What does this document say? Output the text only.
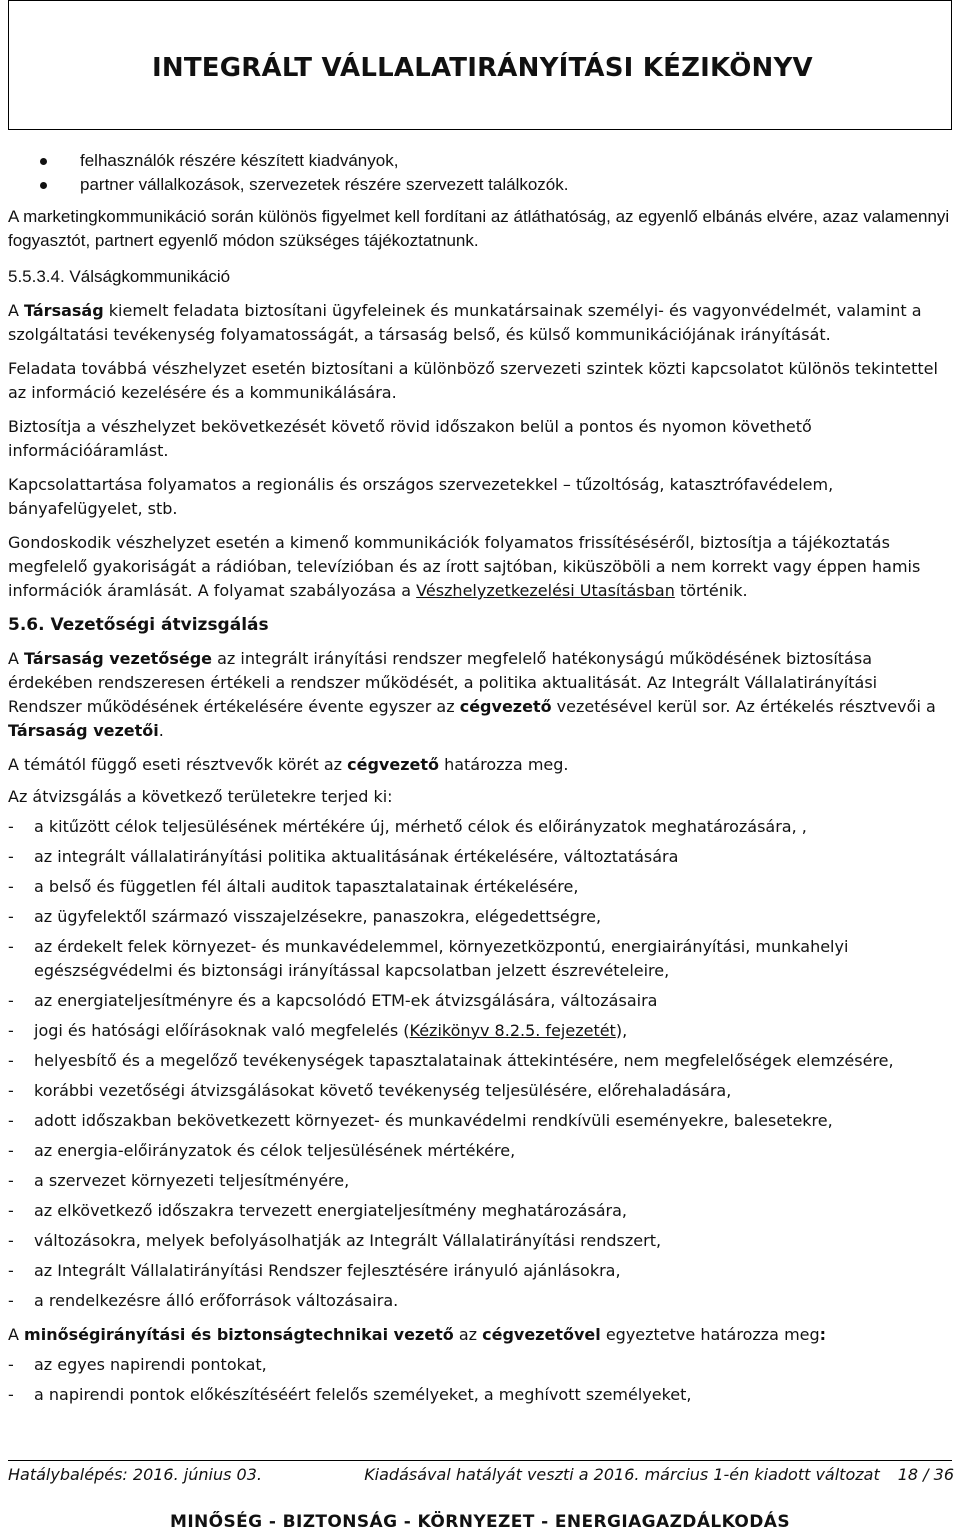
INTEGRÁLT VÁLLALATIRÁNYÍTÁSI KÉZIKÖNYV
felhasználók részére készített kiadványok,
partner vállalkozások, szervezetek részére szervezett találkozók.

A marketingkommunikáció során különös figyelmet kell fordítani az átláthatóság, az egyenlő elbánás elvére, azaz valamennyi fogyasztót, partnert egyenlő módon szükséges tájékoztatnunk.

5.5.3.4. Válságkommunikáció

A Társaság kiemelt feladata biztosítani ügyfeleinek és munkatársainak személyi- és vagyonvédelmét, valamint a szolgáltatási tevékenység folyamatosságát, a társaság belső, és külső kommunikációjának irányítását.

Feladata továbbá vészhelyzet esetén biztosítani a különböző szervezeti szintek közti kapcsolatot különös tekintettel az információ kezelésére és a kommunikálására.

Biztosítja a vészhelyzet bekövetkezését követő rövid időszakon belül a pontos és nyomon követhető információáramlást.

Kapcsolattartása folyamatos a regionális és országos szervezetekkel – tűzoltóság, katasztrófavédelem, bányafelügyelet, stb.

Gondoskodik vészhelyzet esetén a kimenő kommunikációk folyamatos frissítéséséről, biztosítja a tájékoztatás megfelelő gyakoriságát a rádióban, televízióban és az írott sajtóban, kiküszöböli a nem korrekt vagy éppen hamis információk áramlását. A folyamat szabályozása a Vészhelyzetkezelési Utasításban történik.

5.6. Vezetőségi átvizsgálás

A Társaság vezetősége az integrált irányítási rendszer megfelelő hatékonyságú működésének biztosítása érdekében rendszeresen értékeli a rendszer működését, a politika aktualitását. Az Integrált Vállalatirányítási Rendszer működésének értékelésére évente egyszer az cégvezető vezetésével kerül sor. Az értékelés résztvevői a Társaság vezetői.

A témától függő eseti résztvevők körét az cégvezető határozza meg.

Az átvizsgálás a következő területekre terjed ki:

- a kitűzött célok teljesülésének mértékére új, mérhető célok és előirányzatok meghatározására, ,
- az integrált vállalatirányítási politika aktualitásának értékelésére, változtatására
- a belső és független fél általi auditok tapasztalatainak értékelésére,
- az ügyfelektől származó visszajelzésekre, panaszokra, elégedettségre,
- az érdekelt felek környezet- és munkavédelemmel, környezetközpontú, energiairányítási, munkahelyi egészségvédelmi és biztonsági irányítással kapcsolatban jelzett észrevételeire,
- az energiateljesítményre és a kapcsolódó ETM-ek átvizsgálására, változásaira
- jogi és hatósági előírásoknak való megfelelés (Kézikönyv 8.2.5. fejezetét),
- helyesbítő és a megelőző tevékenységek tapasztalatainak áttekintésére, nem megfelelőségek elemzésére,
- korábbi vezetőségi átvizsgálásokat követő tevékenység teljesülésére, előrehaladására,
- adott időszakban bekövetkezett környezet- és munkavédelmi rendkívüli eseményekre, balesetekre,
- az energia-előirányzatok és célok teljesülésének mértékére,
- a szervezet környezeti teljesítményére,
- az elkövetkező időszakra tervezett energiateljesítmény meghatározására,
- változásokra, melyek befolyásolhatják az Integrált Vállalatirányítási rendszert,
- az Integrált Vállalatirányítási Rendszer fejlesztésére irányuló ajánlásokra,
- a rendelkezésre álló erőforrások változásaira.

A minőségirányítási és biztonságtechnikai vezető az cégvezetővel egyeztetve határozza meg:

- az egyes napirendi pontokat,
- a napirendi pontok előkészítéséért felelős személyeket, a meghívott személyeket,
Hatálybalépés: 2016. június 03.	Kiadásával hatályát veszti a 2016. március 1-én kiadott változat 18 / 36
MINŐSÉG - BIZTONSÁG - KÖRNYEZET - ENERGIAGAZDÁLKODÁS
